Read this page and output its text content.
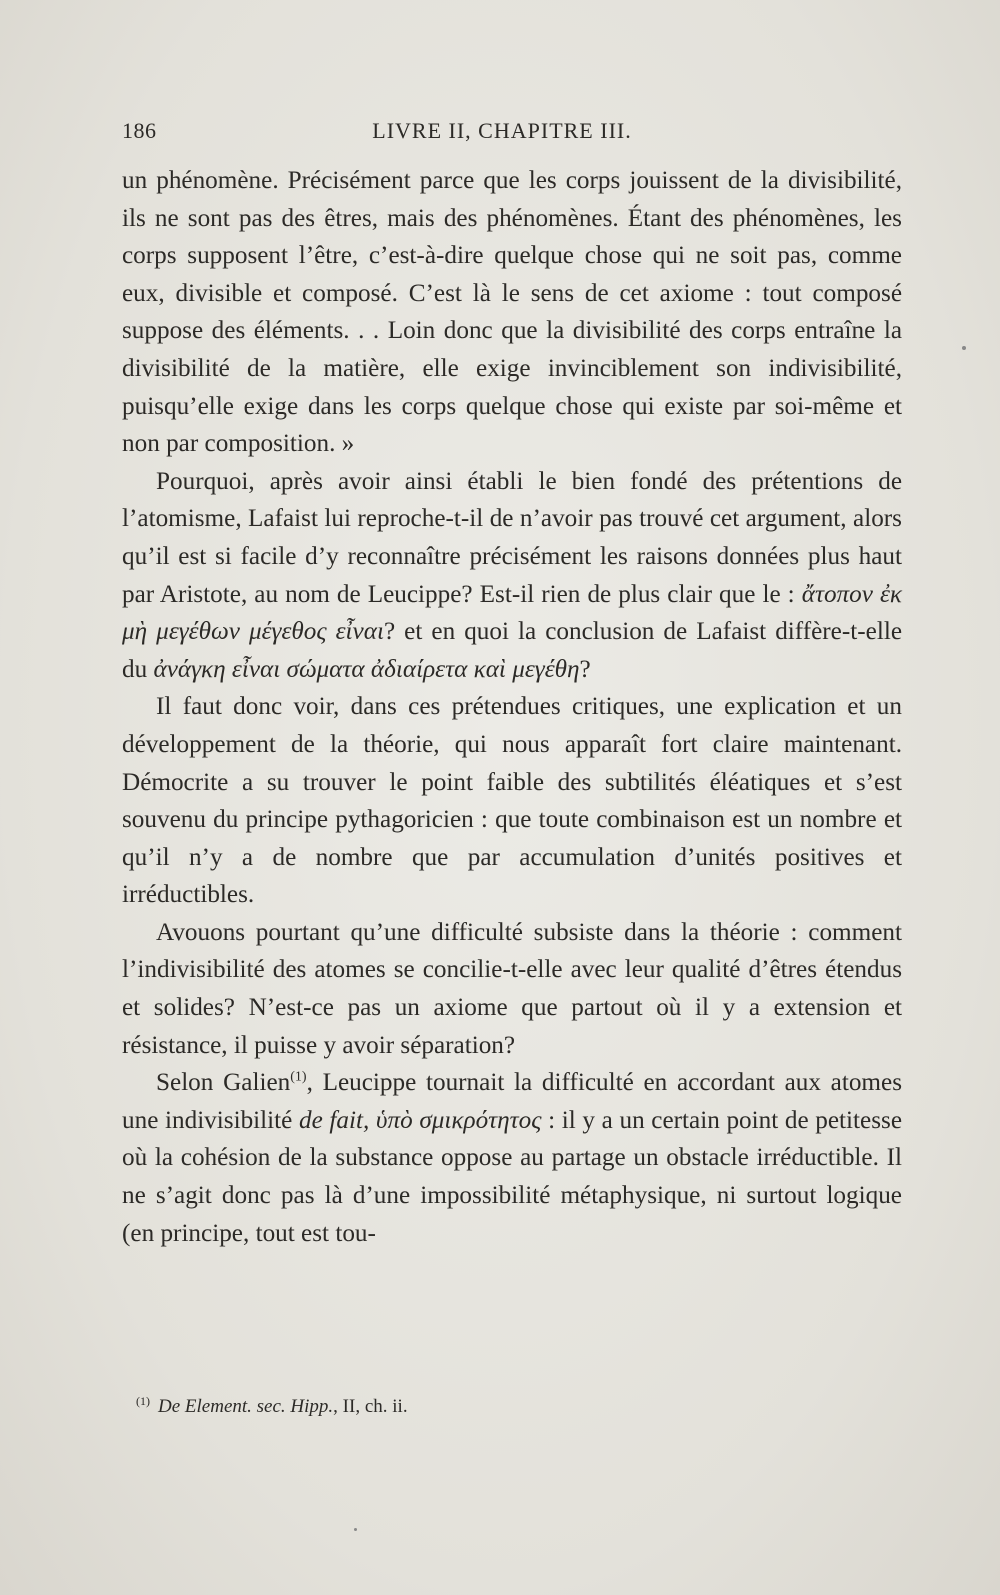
186	LIVRE II, CHAPITRE III.

un phénomène. Précisément parce que les corps jouissent de la divisibilité, ils ne sont pas des êtres, mais des phénomènes. Étant des phénomènes, les corps supposent l’être, c’est-à-dire quelque chose qui ne soit pas, comme eux, divisible et composé. C’est là le sens de cet axiome : tout composé suppose des éléments. . . Loin donc que la divisibilité des corps entraîne la divisibilité de la matière, elle exige invinciblement son indivisibilité, puisqu’elle exige dans les corps quelque chose qui existe par soi-même et non par composition. »

Pourquoi, après avoir ainsi établi le bien fondé des prétentions de l’atomisme, Lafaist lui reproche-t-il de n’avoir pas trouvé cet argument, alors qu’il est si facile d’y reconnaître précisément les raisons données plus haut par Aristote, au nom de Leucippe? Est-il rien de plus clair que le : ἄτοπον ἐκ μὴ μεγέθων μέγεθος εἶναι? et en quoi la conclusion de Lafaist diffère-t-elle du ἀνάγκη εἶναι σώματα ἀδιαίρετα καὶ μεγέθη?

Il faut donc voir, dans ces prétendues critiques, une explication et un développement de la théorie, qui nous apparaît fort claire maintenant. Démocrite a su trouver le point faible des subtilités éléatiques et s’est souvenu du principe pythagoricien : que toute combinaison est un nombre et qu’il n’y a de nombre que par accumulation d’unités positives et irréductibles.

Avouons pourtant qu’une difficulté subsiste dans la théorie : comment l’indivisibilité des atomes se concilie-t-elle avec leur qualité d’êtres étendus et solides? N’est-ce pas un axiome que partout où il y a extension et résistance, il puisse y avoir séparation?

Selon Galien$^{(1)}$, Leucippe tournait la difficulté en accordant aux atomes une indivisibilité de fait, ὑπὸ σμικρότητος : il y a un certain point de petitesse où la cohésion de la substance oppose au partage un obstacle irréductible. Il ne s’agit donc pas là d’une impossibilité métaphysique, ni surtout logique (en principe, tout est tou-

$^{(1)}$ De Element. sec. Hipp., II, ch. ii.
